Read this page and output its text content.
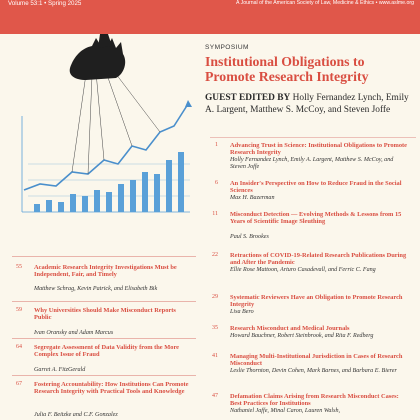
Volume 53:1 • Spring 2025	A Journal of the American Society of Law, Medicine & Ethics • www.aslme.org
55 Academic Research Integrity Investigations Must be Independent, Fair, and Timely
Matthew Schrag, Kevin Patrick, and Elisabeth Bik
59 Why Universities Should Make Misconduct Reports Public
Ivan Oransky and Adam Marcus
64 Segregate Assessment of Data Validity from the More Complex Issue of Fraud
Garret A. FitzGerald
67 Fostering Accountability: How Institutions Can Promote Research Integrity with Practical Tools and Knowledge
Julia F. Beitzke and C.F. Gonzalez
SYMPOSIUM
Institutional Obligations to Promote Research Integrity
GUEST EDITED BY Holly Fernandez Lynch, Emily A. Largent, Matthew S. McCoy, and Steven Joffe
1 Advancing Trust in Science: Institutional Obligations to Promote Research Integrity
Holly Fernandez Lynch, Emily A. Largent, Matthew S. McCoy, and Steven Joffe
6 An Insider's Perspective on How to Reduce Fraud in the Social Sciences
Max H. Bazerman
11 Misconduct Detection — Evolving Methods & Lessons from 15 Years of Scientific Image Sleuthing
Paul S. Brookes
22 Retractions of COVID-19-Related Research Publications During and After the Pandemic
Ellie Rose Mattoon, Arturo Casadevall, and Ferric C. Fang
29 Systematic Reviewers Have an Obligation to Promote Research Integrity
Lisa Bero
35 Research Misconduct and Medical Journals
Howard Bauchner, Robert Steinbrook, and Rita F. Redberg
41 Managing Multi-Institutional Jurisdiction in Cases of Research Misconduct
Leslie Thornton, Devin Cohen, Mark Barnes, and Barbara E. Bierer
47 Defamation Claims Arising from Research Misconduct Cases: Best Practices for Institutions
Nathaniel Jaffe, Minal Caron, Lauren Walsh,
